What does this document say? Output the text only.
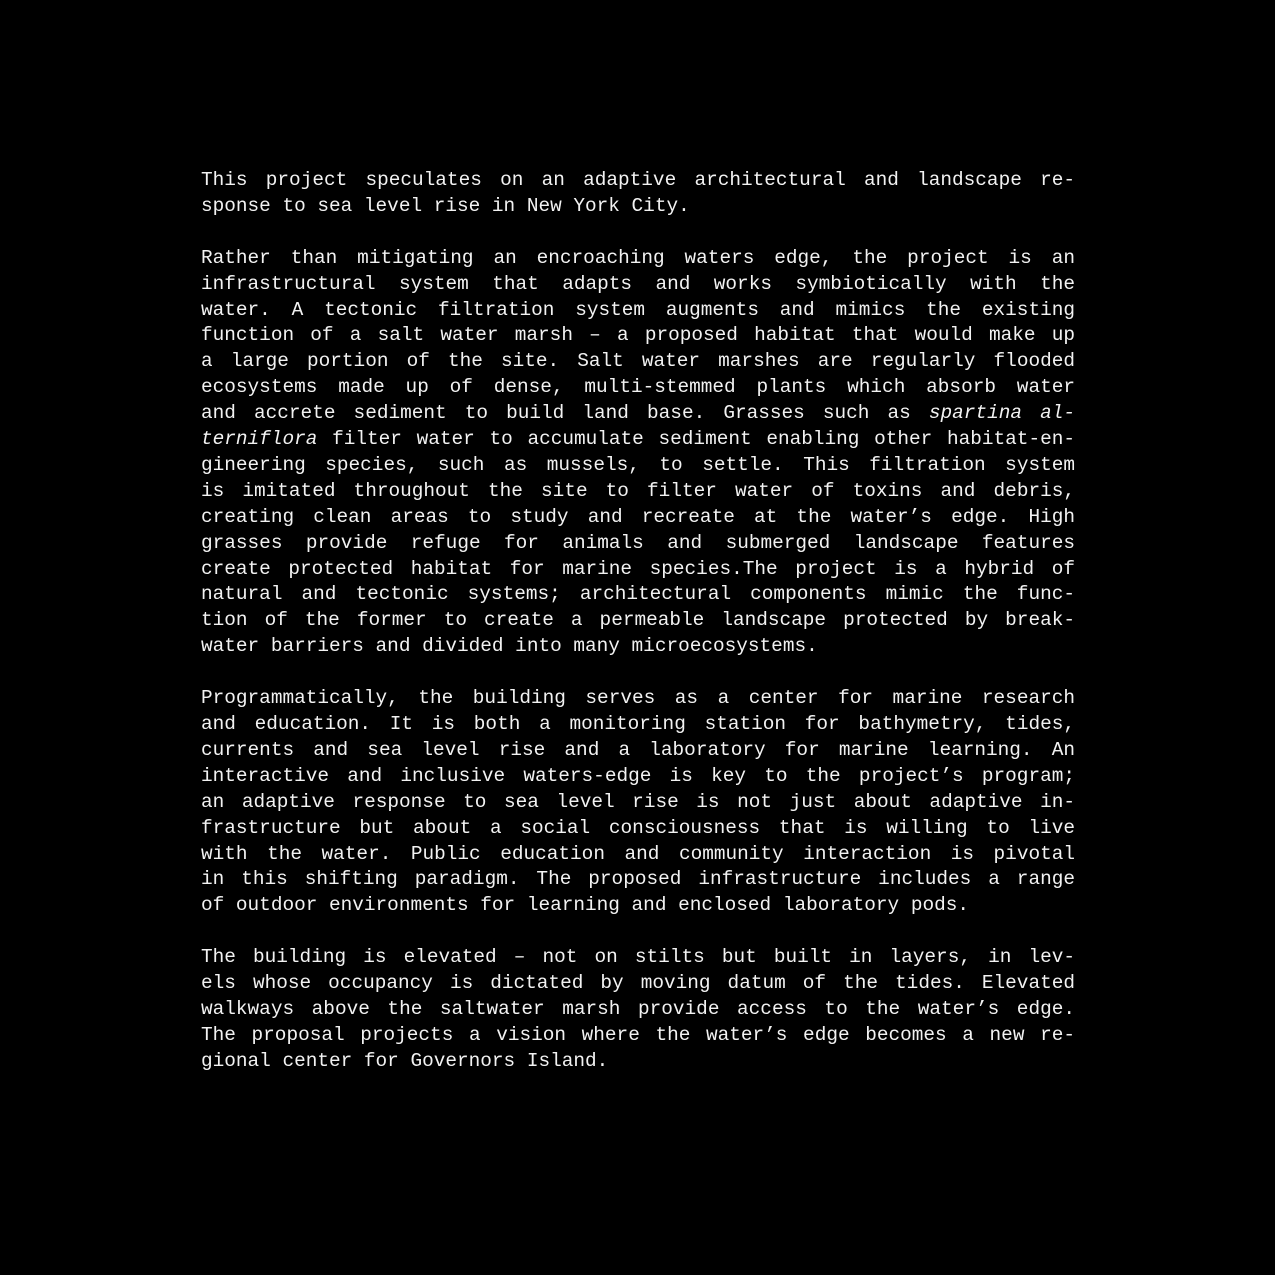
This project speculates on an adaptive architectural and landscape re-
sponse to sea level rise in New York City.

Rather than mitigating an encroaching waters edge, the project is an
infrastructural system that adapts and works symbiotically with the
water. A tectonic filtration system augments and mimics the existing
function of a salt water marsh – a proposed habitat that would make up
a large portion of the site. Salt water marshes are regularly flooded
ecosystems made up of dense, multi-stemmed plants which absorb water
and accrete sediment to build land base. Grasses such as spartina al-
terniflora filter water to accumulate sediment enabling other habitat-en-
gineering species, such as mussels, to settle. This filtration system
is imitated throughout the site to filter water of toxins and debris,
creating clean areas to study and recreate at the water’s edge. High
grasses provide refuge for animals and submerged landscape features
create protected habitat for marine species.The project is a hybrid of
natural and tectonic systems; architectural components mimic the func-
tion of the former to create a permeable landscape protected by break-
water barriers and divided into many microecosystems.

Programmatically, the building serves as a center for marine research
and education. It is both a monitoring station for bathymetry, tides,
currents and sea level rise and a laboratory for marine learning. An
interactive and inclusive waters-edge is key to the project’s program;
an adaptive response to sea level rise is not just about adaptive in-
frastructure but about a social consciousness that is willing to live
with the water. Public education and community interaction is pivotal
in this shifting paradigm. The proposed infrastructure includes a range
of outdoor environments for learning and enclosed laboratory pods.

The building is elevated – not on stilts but built in layers, in lev-
els whose occupancy is dictated by moving datum of the tides. Elevated
walkways above the saltwater marsh provide access to the water’s edge.
The proposal projects a vision where the water’s edge becomes a new re-
gional center for Governors Island.
